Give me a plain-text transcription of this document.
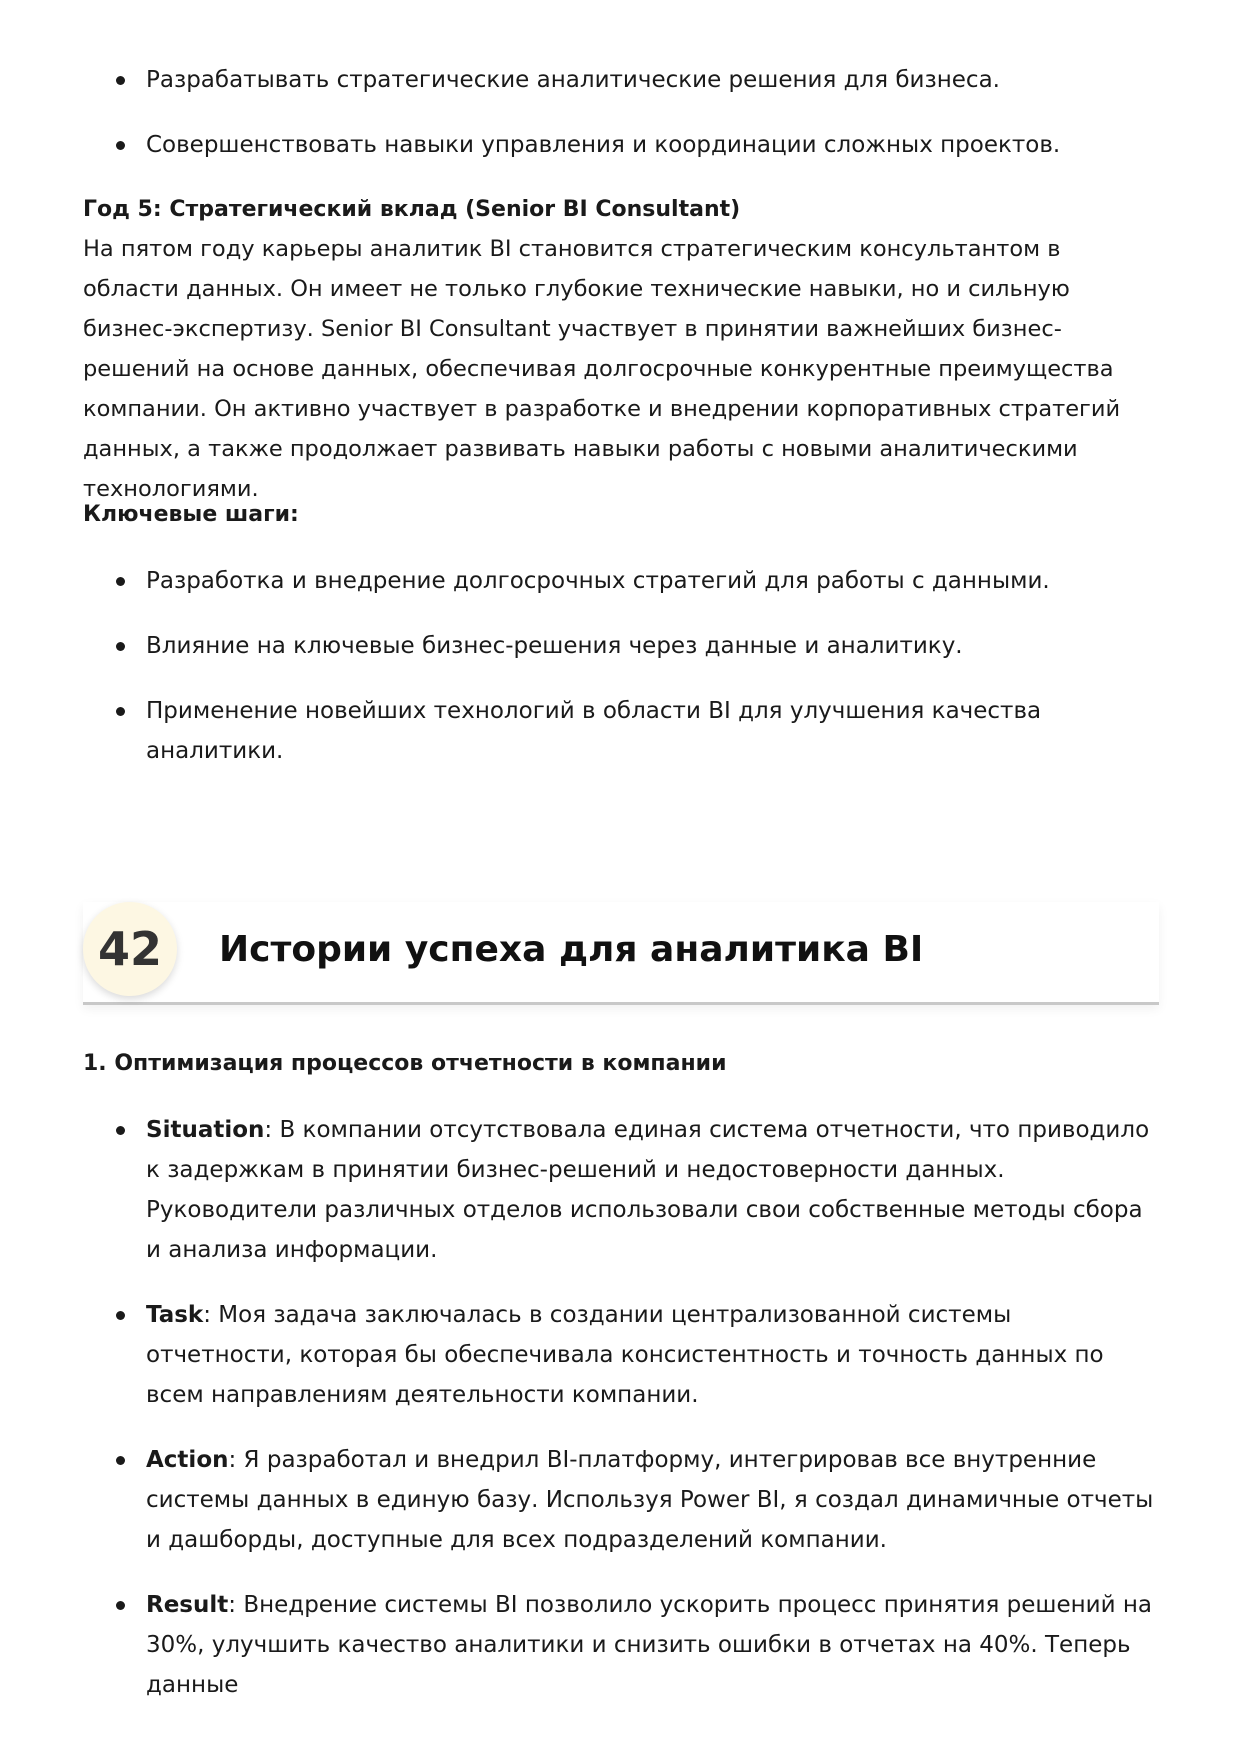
Разрабатывать стратегические аналитические решения для бизнеса.
Совершенствовать навыки управления и координации сложных проектов.
Год 5: Стратегический вклад (Senior BI Consultant)

На пятом году карьеры аналитик BI становится стратегическим консультантом в области данных. Он имеет не только глубокие технические навыки, но и сильную бизнес-экспертизу. Senior BI Consultant участвует в принятии важнейших бизнес-решений на основе данных, обеспечивая долгосрочные конкурентные преимущества компании. Он активно участвует в разработке и внедрении корпоративных стратегий данных, а также продолжает развивать навыки работы с новыми аналитическими технологиями.

Ключевые шаги:
Разработка и внедрение долгосрочных стратегий для работы с данными.
Влияние на ключевые бизнес-решения через данные и аналитику.
Применение новейших технологий в области BI для улучшения качества аналитики.
42	Истории успеха для аналитика BI
1. Оптимизация процессов отчетности в компании
Situation: В компании отсутствовала единая система отчетности, что приводило к задержкам в принятии бизнес-решений и недостоверности данных. Руководители различных отделов использовали свои собственные методы сбора и анализа информации.
Task: Моя задача заключалась в создании централизованной системы отчетности, которая бы обеспечивала консистентность и точность данных по всем направлениям деятельности компании.
Action: Я разработал и внедрил BI-платформу, интегрировав все внутренние системы данных в единую базу. Используя Power BI, я создал динамичные отчеты и дашборды, доступные для всех подразделений компании.
Result: Внедрение системы BI позволило ускорить процесс принятия решений на 30%, улучшить качество аналитики и снизить ошибки в отчетах на 40%. Теперь данные
